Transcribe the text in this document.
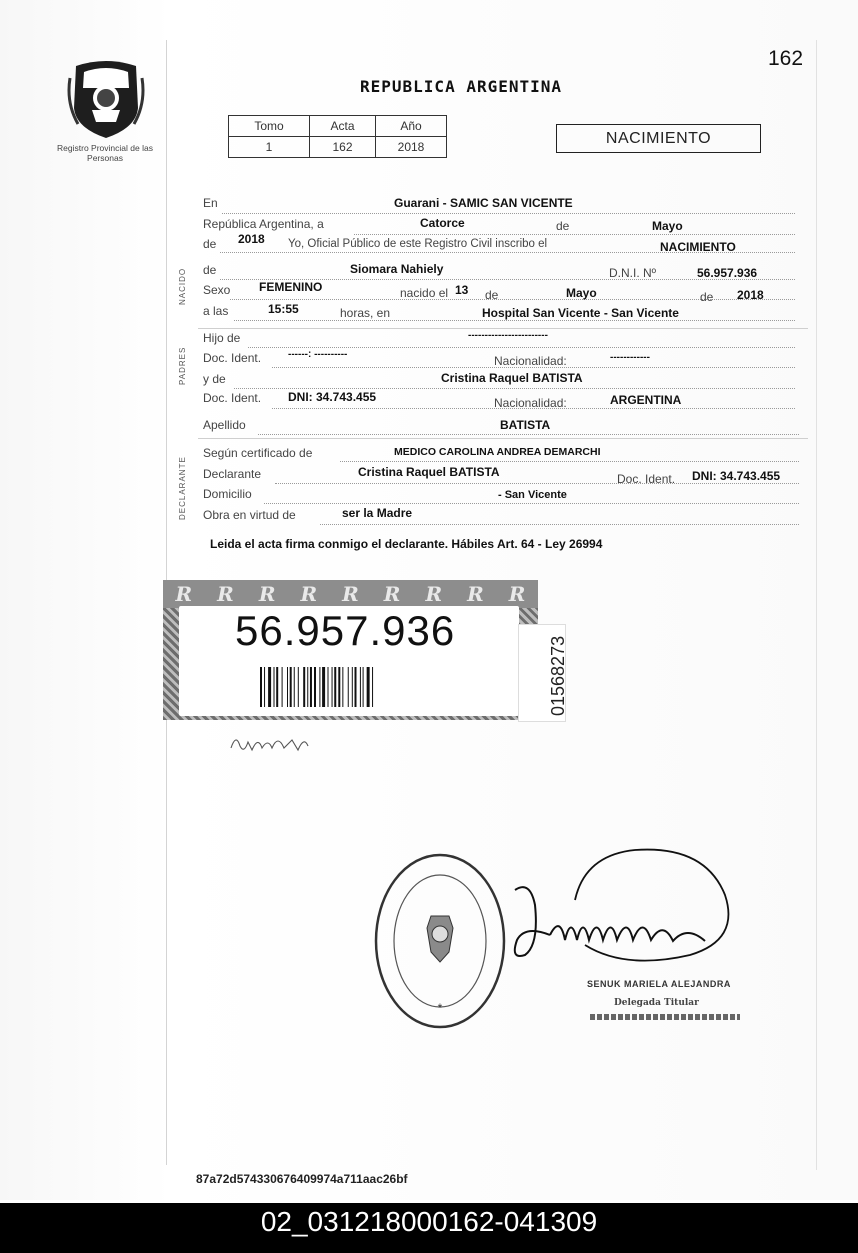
162
Registro Provincial de las Personas
REPUBLICA ARGENTINA
Tomo	Acta	Año
1	162	2018	NACIMIENTO
NACIDO
PADRES
DECLARANTE
En	Guarani - SAMIC SAN VICENTE
República Argentina, a	Catorce	de	Mayo
de 2018 Yo, Oficial Público de este Registro Civil inscribo el	NACIMIENTO
de	Siomara Nahiely	D.N.I. Nº	56.957.936
Sexo FEMENINO	nacido el 13 de	Mayo	de 2018
a las	15:55	horas, en	Hospital San Vicente - San Vicente
Hijo de	------------------------
Doc. Ident.	------: ----------	Nacionalidad:	------------
y de	Cristina Raquel BATISTA
Doc. Ident. DNI: 34.743.455	Nacionalidad:	ARGENTINA
Apellido	BATISTA
Según certificado de	MEDICO CAROLINA ANDREA DEMARCHI
Declarante	Cristina Raquel BATISTA	Doc. Ident. DNI: 34.743.455
Domicilio	- San Vicente
Obra en virtud de	ser la Madre
Leida el acta firma conmigo el declarante. Hábiles Art. 64 - Ley 26994
R R R R R R R R R
56.957.936
01568273
*
SENUK MARIELA ALEJANDRA
Delegada Titular
87a72d574330676409974a711aac26bf
02_031218000162-041309
